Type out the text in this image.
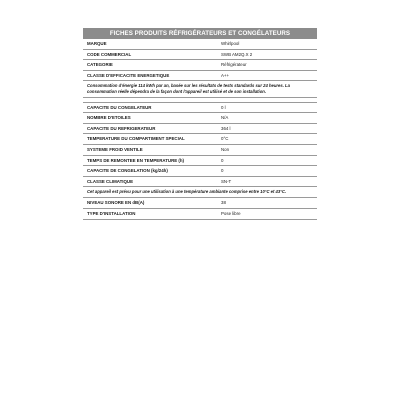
FICHES PRODUITS RÉFRIGÉRATEURS ET CONGÉLATEURS
MARQUE	Whirlpool
CODE COMMERCIAL	SWB AM2Q.X 2
CATEGORIE	Réfrigérateur
CLASSE D'EFFICACITE ENERGETIQUE	A++
Consommation d'énergie 114 kWh par an, basée sur les résultats de tests standards sur 24 heures. La consommation réelle dépendra de la façon dont l'appareil est utilisé et de son installation.
CAPACITE DU CONGELATEUR	0 l
NOMBRE D'ETOILES	N/A
CAPACITE DU REFRIGERATEUR	364 l
TEMPERATURE DU COMPARTIMENT SPECIAL	0°C
SYSTEME FROID VENTILE	Non
TEMPS DE REMONTEE EN TEMPERATURE (h)	0
CAPACITE DE CONGELATION (kg/24h)	0
CLASSE CLIMATIQUE	SN-T
Cet appareil est prévu pour une utilisation à une température ambiante comprise entre 10°C et 43°C.
NIVEAU SONORE EN dB(A)	38
TYPE D'INSTALLATION	Pose libre
